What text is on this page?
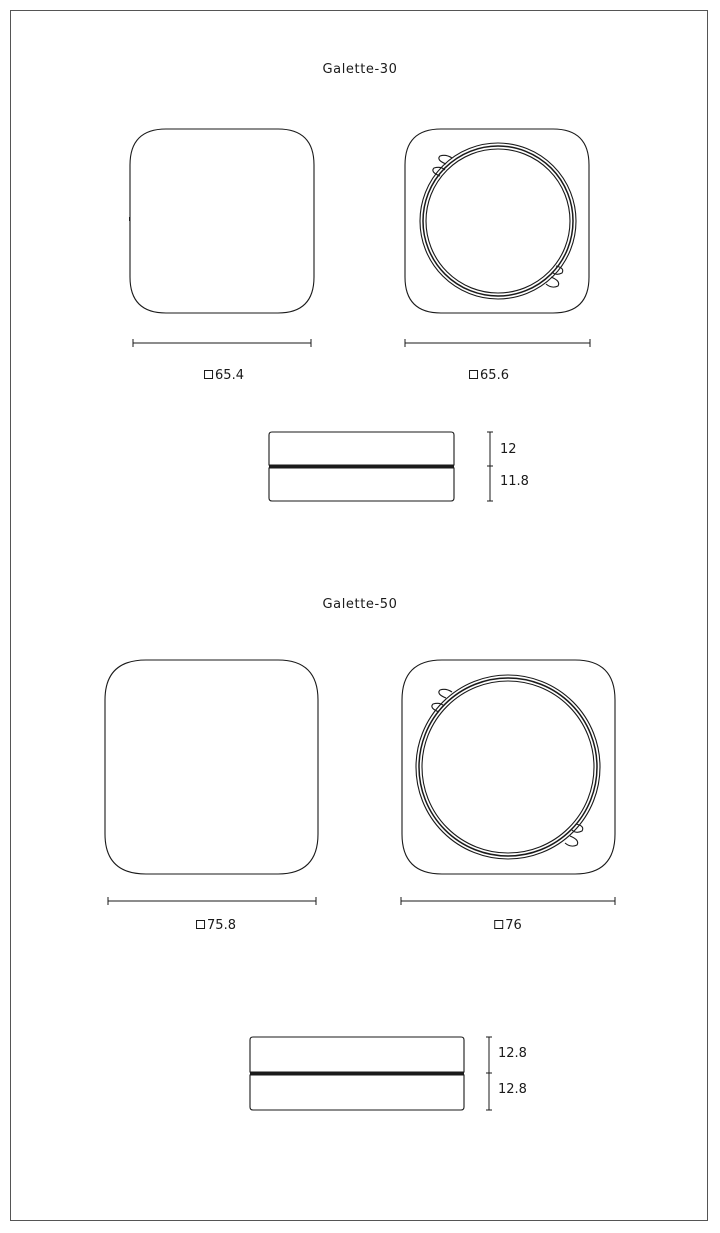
Galette-30
65.4	65.6
12
11.8
Galette-50
75.8	76
12.8
12.8
